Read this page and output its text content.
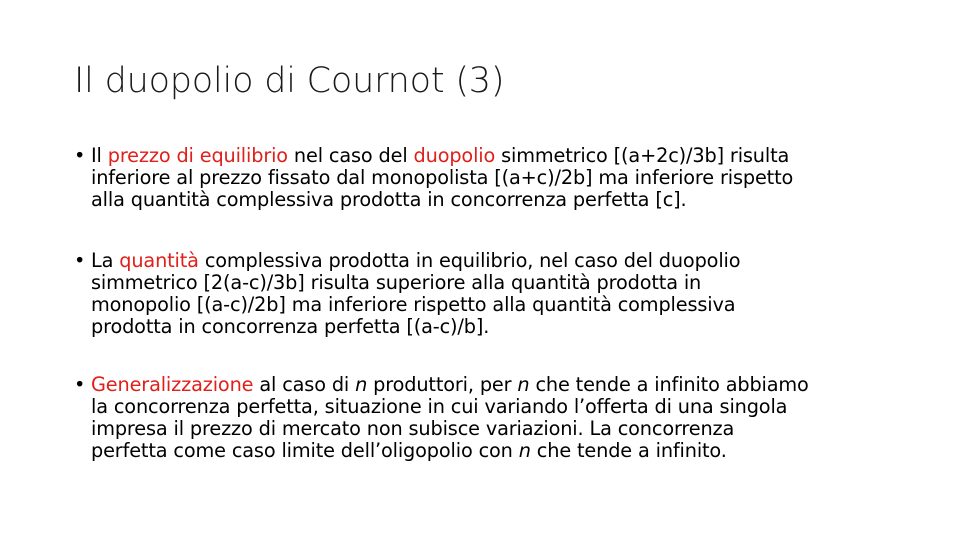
Il duopolio di Cournot (3)
• Il prezzo di equilibrio nel caso del duopolio simmetrico [(a+2c)/3b] risulta
inferiore al prezzo fissato dal monopolista [(a+c)/2b] ma inferiore rispetto
alla quantità complessiva prodotta in concorrenza perfetta [c].
• La quantità complessiva prodotta in equilibrio, nel caso del duopolio
simmetrico [2(a-c)/3b] risulta superiore alla quantità prodotta in
monopolio [(a-c)/2b] ma inferiore rispetto alla quantità complessiva
prodotta in concorrenza perfetta [(a-c)/b].
• Generalizzazione al caso di n produttori, per n che tende a infinito abbiamo
la concorrenza perfetta, situazione in cui variando l’offerta di una singola
impresa il prezzo di mercato non subisce variazioni. La concorrenza
perfetta come caso limite dell’oligopolio con n che tende a infinito.
